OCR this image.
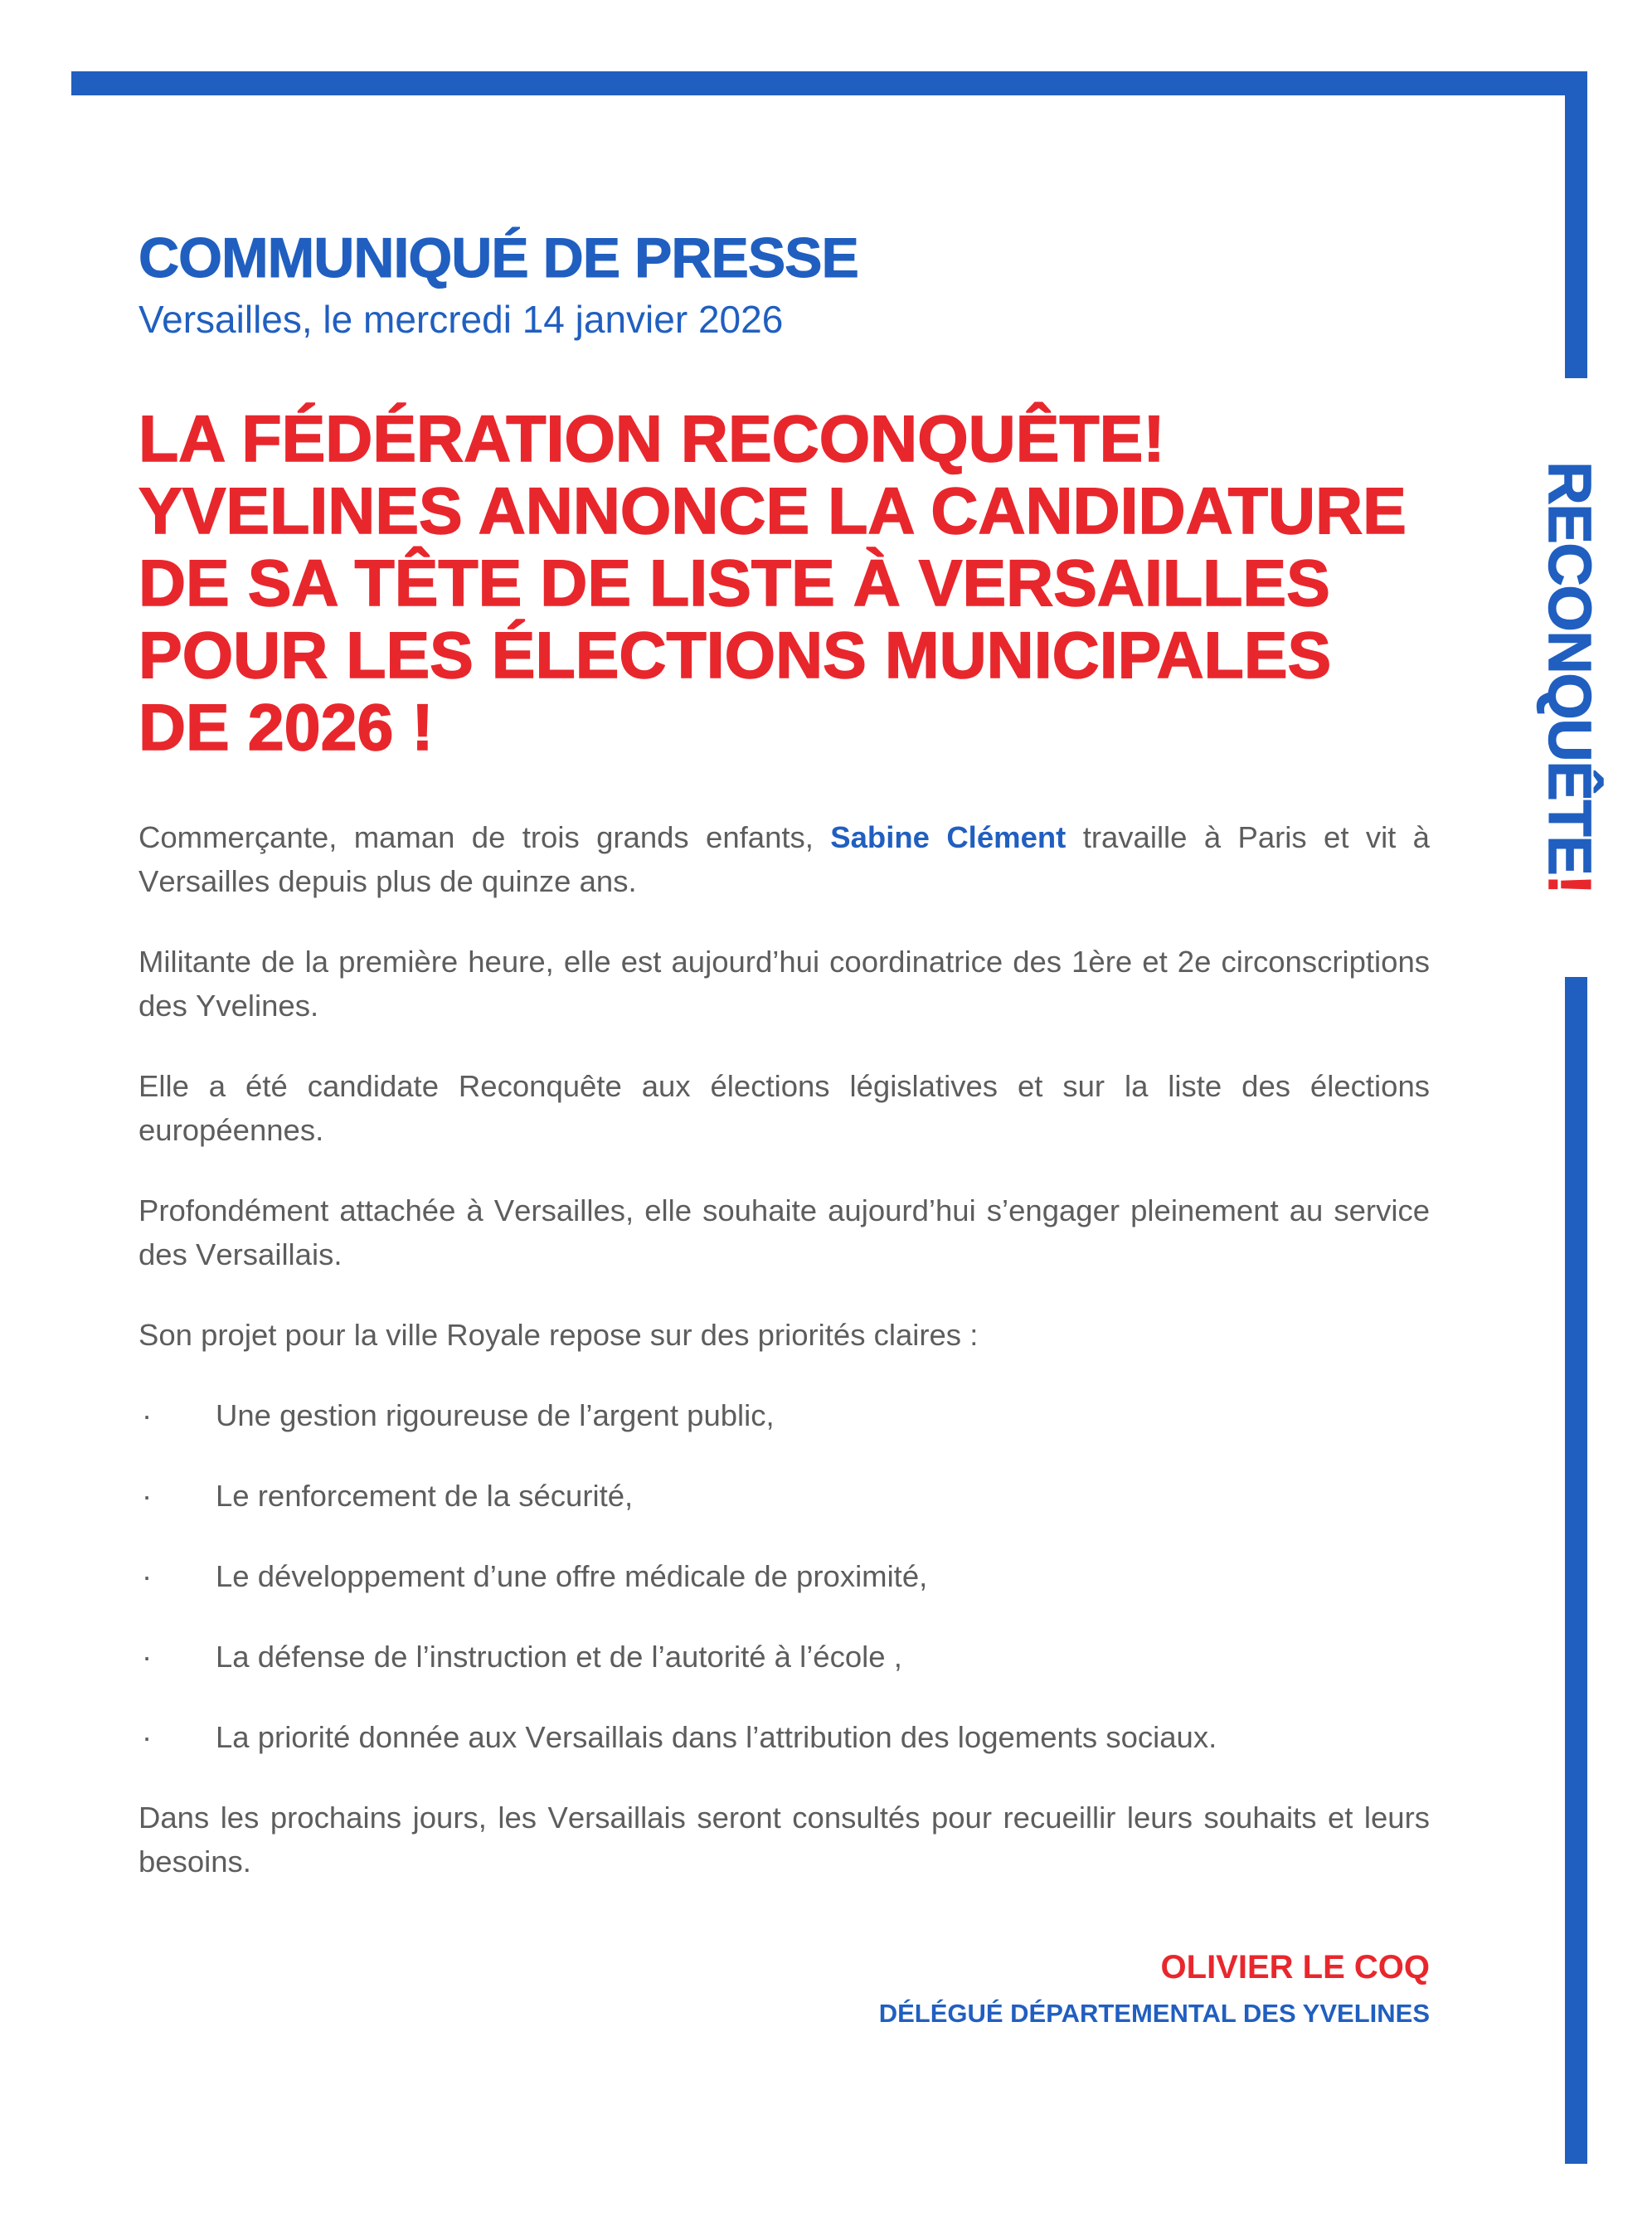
RECONQUÊTE!
COMMUNIQUÉ DE PRESSE
Versailles, le mercredi 14 janvier 2026
LA FÉDÉRATION RECONQUÊTE!
YVELINES ANNONCE LA CANDIDATURE
DE SA TÊTE DE LISTE À VERSAILLES
POUR LES ÉLECTIONS MUNICIPALES
DE 2026 !

Commerçante, maman de trois grands enfants, Sabine Clément travaille à Paris et vit à Versailles depuis plus de quinze ans.

Militante de la première heure, elle est aujourd’hui coordinatrice des 1ère et 2e circonscriptions des Yvelines.

Elle a été candidate Reconquête aux élections législatives et sur la liste des élections européennes.

Profondément attachée à Versailles, elle souhaite aujourd’hui s’engager pleinement au service des Versaillais.

Son projet pour la ville Royale repose sur des priorités claires :

·	Une gestion rigoureuse de l’argent public,
·	Le renforcement de la sécurité,
·	Le développement d’une offre médicale de proximité,
·	La défense de l’instruction et de l’autorité à l’école ,
·	La priorité donnée aux Versaillais dans l’attribution des logements sociaux.

Dans les prochains jours, les Versaillais seront consultés pour recueillir leurs souhaits et leurs besoins.

OLIVIER LE COQ
DÉLÉGUÉ DÉPARTEMENTAL DES YVELINES
